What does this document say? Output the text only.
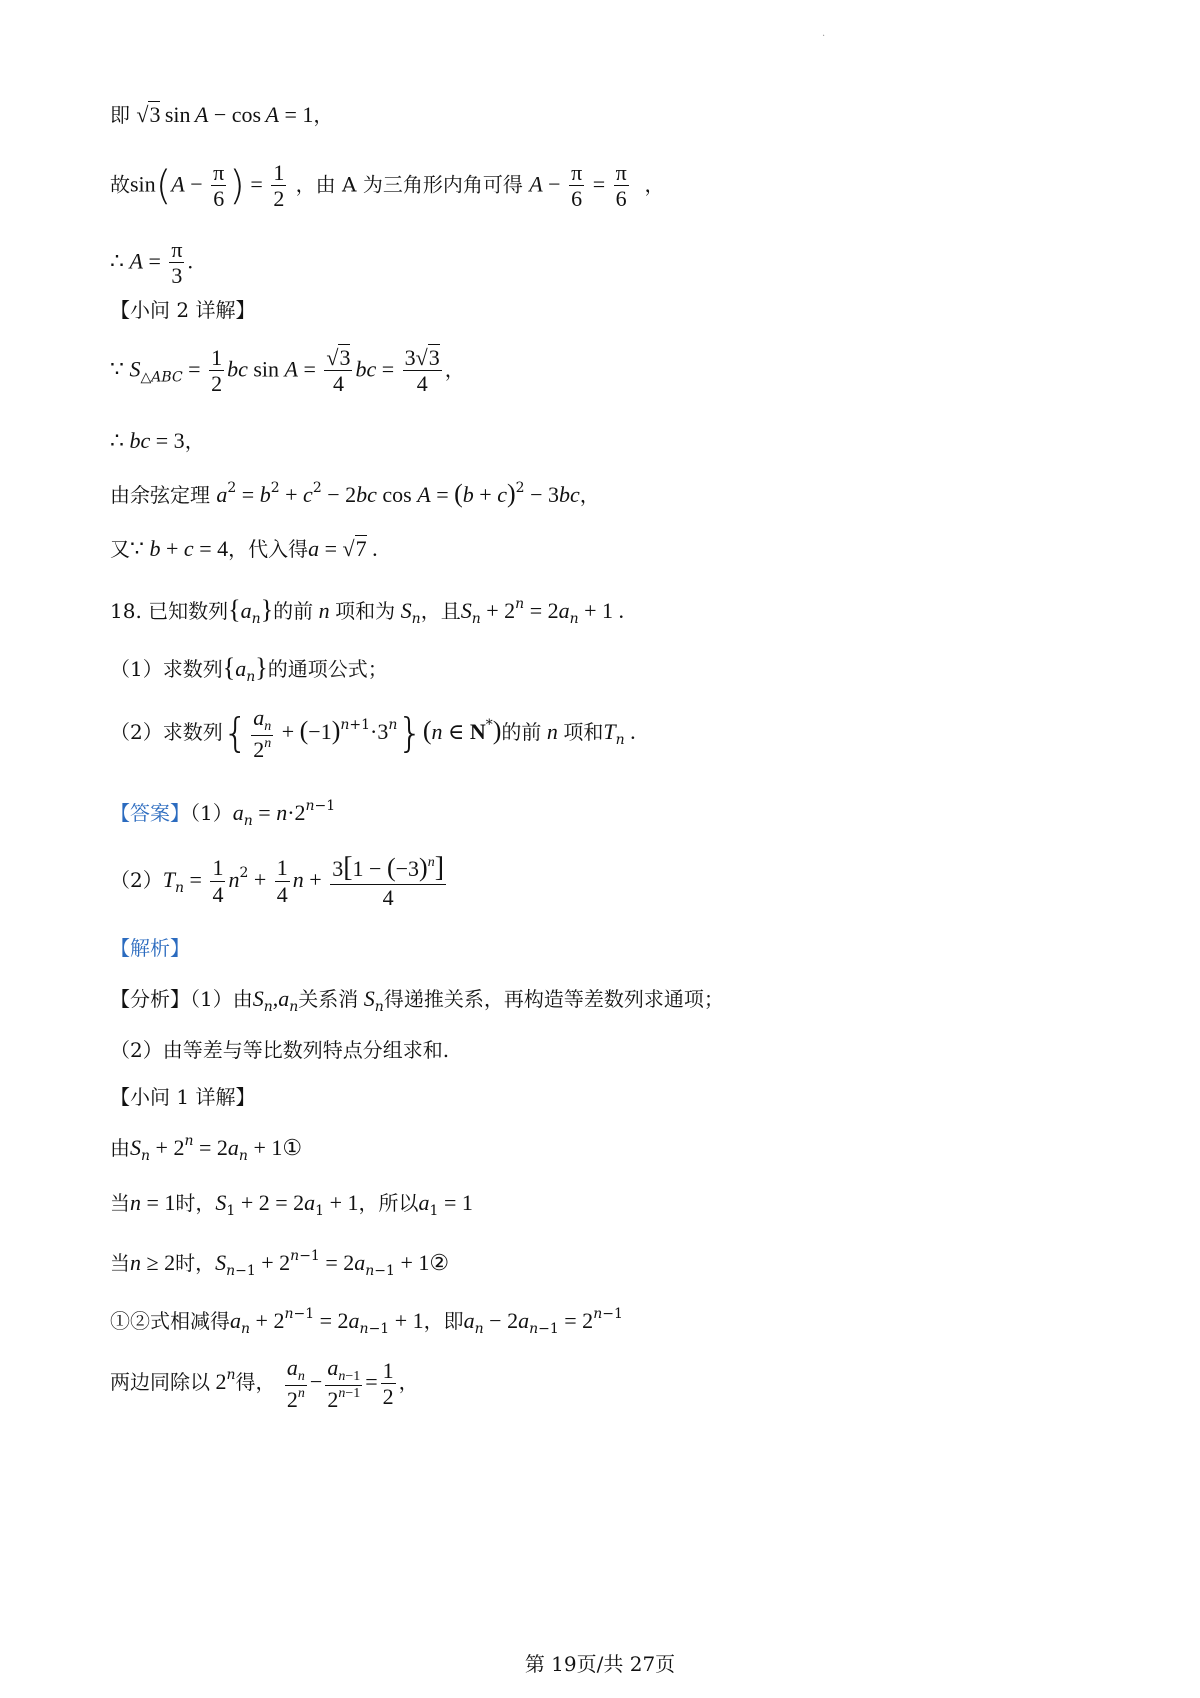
.
即 √3 sin A − cos A = 1，
故$\sin(A - \frac{\pi}{6}$ ) = $\frac{1}{2}$ ，由 A 为三角形内角可得 $A - \frac{\pi}{6} = \frac{\pi}{6}$ ，
∴ $A = \frac{\pi}{3}$ .
【小问 2 详解】
∵ $S_{\triangle ABC} = \frac{1}{2}$ bc $\sin A = \frac{√3}{4}$ bc = $\frac{3√3}{4}$ ，
∴ bc = 3，
由余弦定理 $a^2 = b^2 + c^2 - 2bc$ $\cos A = (b + c)^2 - 3bc$，
又∵ b + c = 4，代入得a = √7 .
18. 已知数列$\{a_n\}$的前 n 项和为 $S_n$，且$S_n + 2^n = 2a_n + 1$ .
（1）求数列$\{a_n\}$的通项公式；
（2）求数列{ $\frac{a_n}{2^n} + (-1)^{n+1}\cdot 3^n\}(n$ ∈ N*)的前 n 项和$T_n$ .
【答案】$(1)a_n = n\cdot 2^{n-1}$
$(2)T_n = \frac{1}{4} n^2 + \frac{1}{4}$ $n + \frac{3[1 - (-3)^n]}{4}$
【解析】
【分析】（1）由$S_n,a_n$关系消 $S_n$得递推关系，再构造等差数列求通项；
（2）由等差与等比数列特点分组求和.
【小问 1 详解】
由$S_n + 2^n = 2a_n$ + 1①
当n = 1时，$S_1 + 2 = 2a_1 + 1$，所以$a_1 = 1$
当n ≥ 2时，$S_{n-1} + 2^{n-1} = 2a_{n-1}$ + 1②
①②式相减得$a_n + 2^{n-1} = 2a_{n-1} + 1$，即$a_n - 2a_{n-1} = 2^{n-1}$
两边同除以 2$^n$得， $\frac{a_n}{2^n} - \frac{a_{n-1}}{2^{n-1}} = \frac{1}{2}$ ，
第 19页/共 27页
